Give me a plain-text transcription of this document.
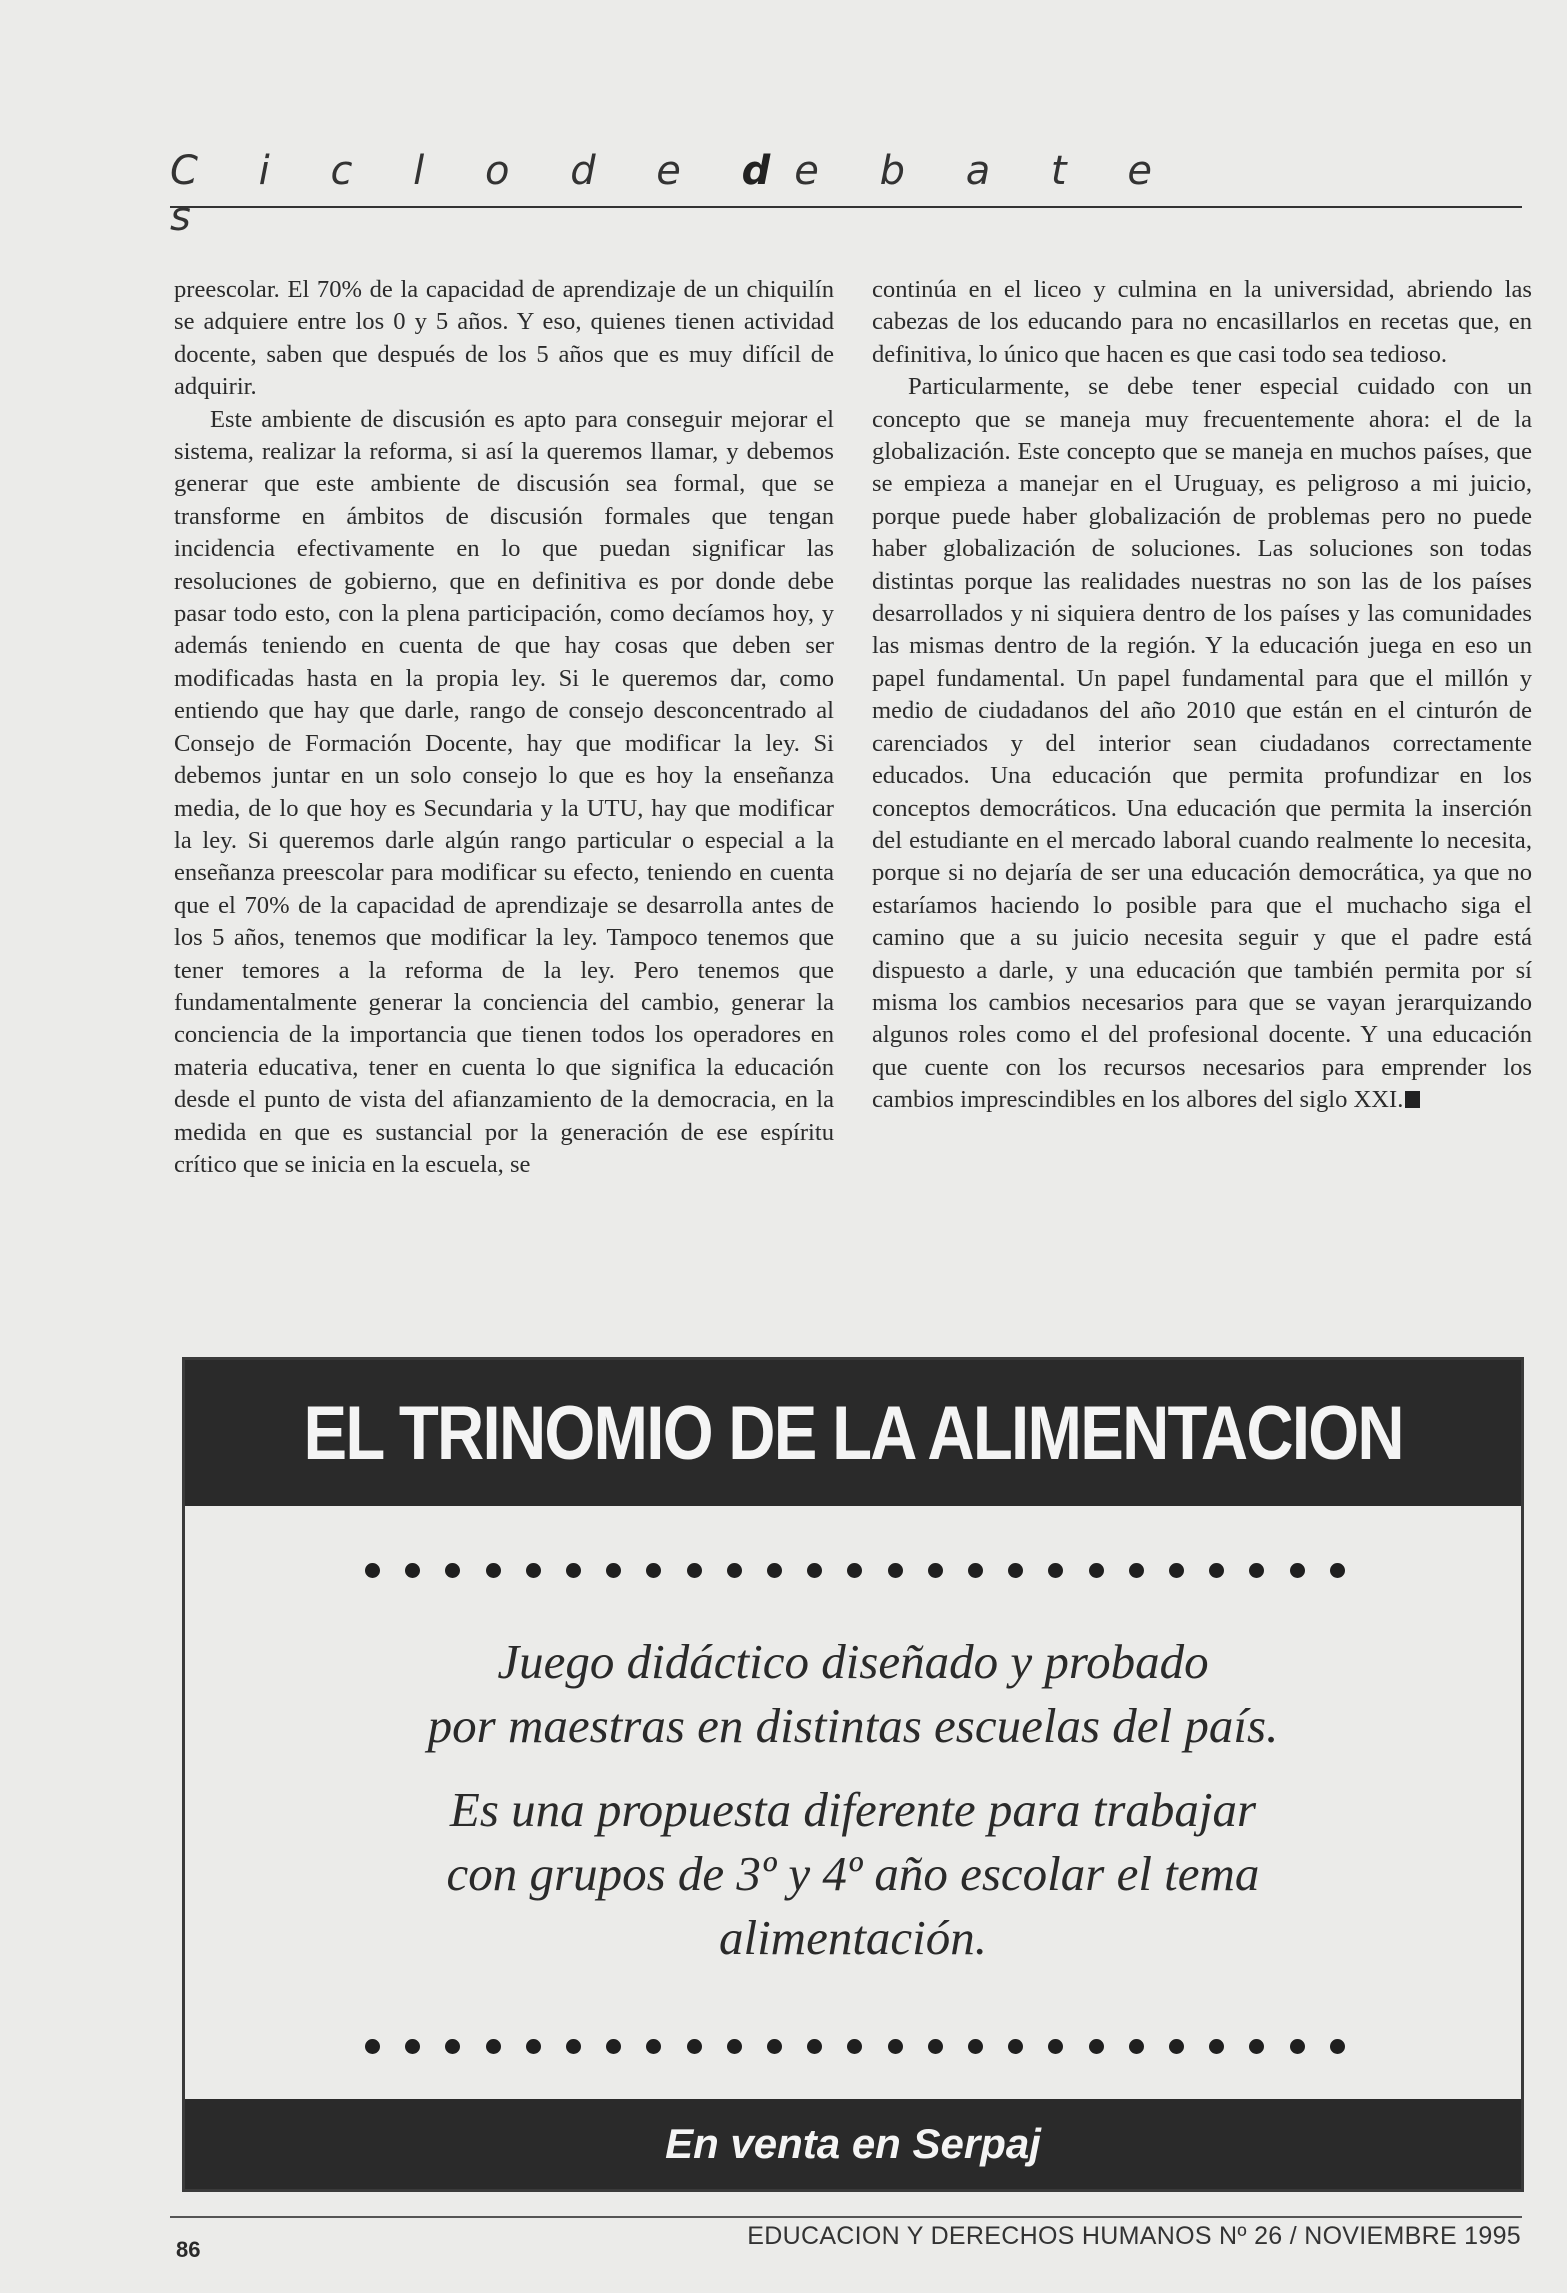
C i c l o d e de b a t e s

preescolar. El 70% de la capacidad de aprendizaje de un chiquilín se adquiere entre los 0 y 5 años. Y eso, quienes tienen actividad docente, saben que después de los 5 años que es muy difícil de adquirir.

Este ambiente de discusión es apto para conseguir mejorar el sistema, realizar la reforma, si así la queremos llamar, y debemos generar que este ambiente de discusión sea formal, que se transforme en ámbitos de discusión formales que tengan incidencia efectivamente en lo que puedan significar las resoluciones de gobierno, que en definitiva es por donde debe pasar todo esto, con la plena participación, como decíamos hoy, y además teniendo en cuenta de que hay cosas que deben ser modificadas hasta en la propia ley. Si le queremos dar, como entiendo que hay que darle, rango de consejo desconcentrado al Consejo de Formación Docente, hay que modificar la ley. Si debemos juntar en un solo consejo lo que es hoy la enseñanza media, de lo que hoy es Secundaria y la UTU, hay que modificar la ley. Si queremos darle algún rango particular o especial a la enseñanza preescolar para modificar su efecto, teniendo en cuenta que el 70% de la capacidad de aprendizaje se desarrolla antes de los 5 años, tenemos que modificar la ley. Tampoco tenemos que tener temores a la reforma de la ley. Pero tenemos que fundamentalmente generar la conciencia del cambio, generar la conciencia de la importancia que tienen todos los operadores en materia educativa, tener en cuenta lo que significa la educación desde el punto de vista del afianzamiento de la democracia, en la medida en que es sustancial por la generación de ese espíritu crítico que se inicia en la escuela, se

continúa en el liceo y culmina en la universidad, abriendo las cabezas de los educando para no encasillarlos en recetas que, en definitiva, lo único que hacen es que casi todo sea tedioso.

Particularmente, se debe tener especial cuidado con un concepto que se maneja muy frecuentemente ahora: el de la globalización. Este concepto que se maneja en muchos países, que se empieza a manejar en el Uruguay, es peligroso a mi juicio, porque puede haber globalización de problemas pero no puede haber globalización de soluciones. Las soluciones son todas distintas porque las realidades nuestras no son las de los países desarrollados y ni siquiera dentro de los países y las comunidades las mismas dentro de la región. Y la educación juega en eso un papel fundamental. Un papel fundamental para que el millón y medio de ciudadanos del año 2010 que están en el cinturón de carenciados y del interior sean ciudadanos correctamente educados. Una educación que permita profundizar en los conceptos democráticos. Una educación que permita la inserción del estudiante en el mercado laboral cuando realmente lo necesita, porque si no dejaría de ser una educación democrática, ya que no estaríamos haciendo lo posible para que el muchacho siga el camino que a su juicio necesita seguir y que el padre está dispuesto a darle, y una educación que también permita por sí misma los cambios necesarios para que se vayan jerarquizando algunos roles como el del profesional docente. Y una educación que cuente con los recursos necesarios para emprender los cambios imprescindibles en los albores del siglo XXI.

EL TRINOMIO DE LA ALIMENTACION
Juego didáctico diseñado y probado
por maestras en distintas escuelas del país.
Es una propuesta diferente para trabajar
con grupos de 3º y 4º año escolar el tema
alimentación.
En venta en Serpaj
EDUCACION Y DERECHOS HUMANOS Nº 26 / NOVIEMBRE 1995
86
